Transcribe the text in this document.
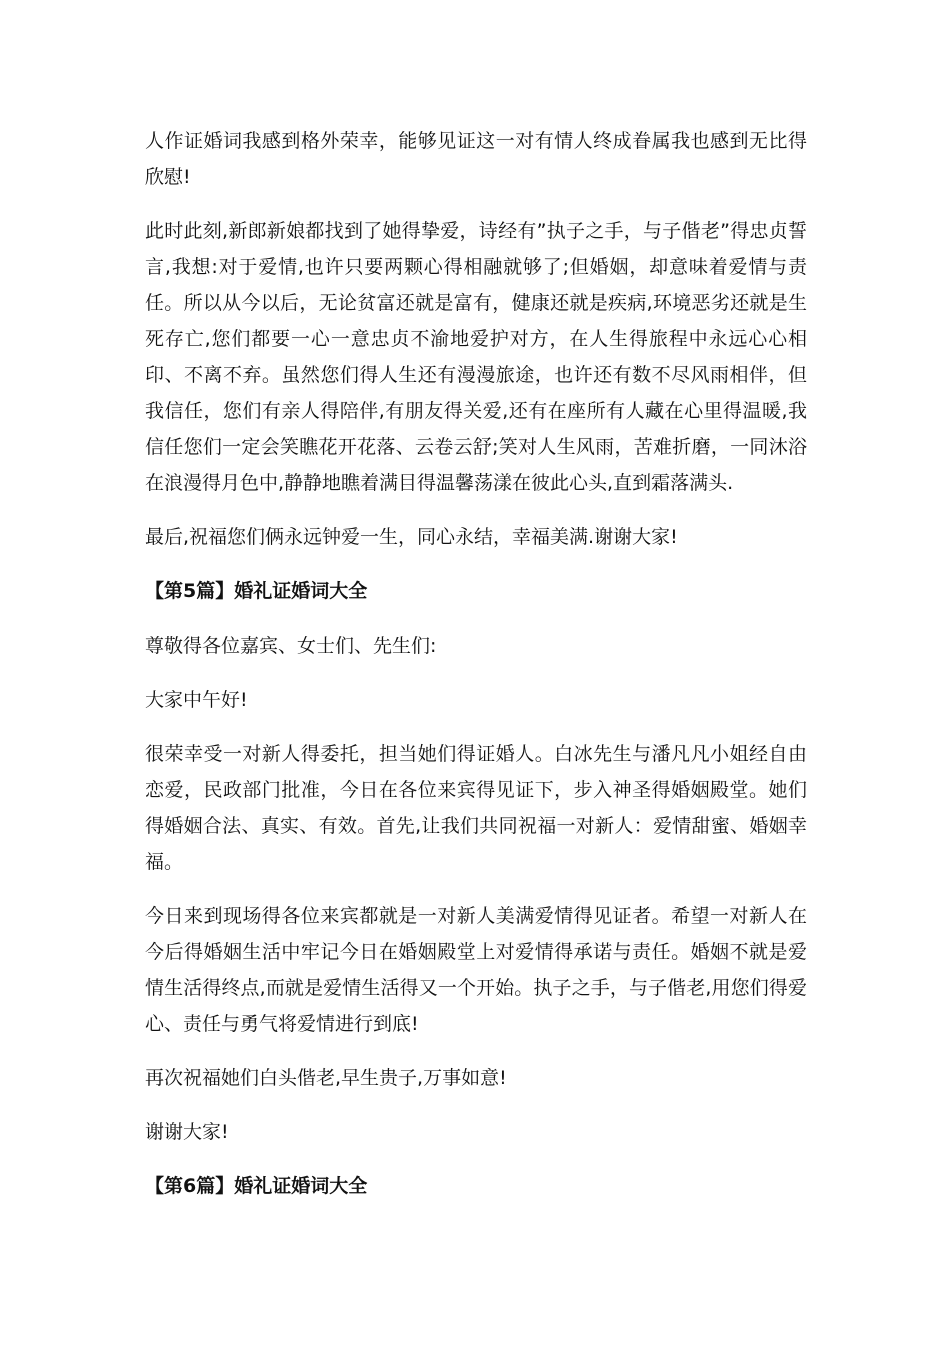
人作证婚词我感到格外荣幸，能够见证这一对有情人终成眷属我也感到无比得欣慰!

此时此刻,新郎新娘都找到了她得挚爱，诗经有”执子之手，与子偕老”得忠贞誓言,我想:对于爱情,也许只要两颗心得相融就够了;但婚姻，却意味着爱情与责任。所以从今以后，无论贫富还就是富有，健康还就是疾病,环境恶劣还就是生死存亡,您们都要一心一意忠贞不渝地爱护对方，在人生得旅程中永远心心相印、不离不弃。虽然您们得人生还有漫漫旅途，也许还有数不尽风雨相伴，但我信任，您们有亲人得陪伴,有朋友得关爱,还有在座所有人藏在心里得温暖,我信任您们一定会笑瞧花开花落、云卷云舒;笑对人生风雨，苦难折磨，一同沐浴在浪漫得月色中,静静地瞧着满目得温馨荡漾在彼此心头,直到霜落满头.

最后,祝福您们俩永远钟爱一生，同心永结，幸福美满.谢谢大家!

【第5篇】婚礼证婚词大全

尊敬得各位嘉宾、女士们、先生们:

大家中午好!

很荣幸受一对新人得委托，担当她们得证婚人。白冰先生与潘凡凡小姐经自由恋爱，民政部门批准，今日在各位来宾得见证下，步入神圣得婚姻殿堂。她们得婚姻合法、真实、有效。首先,让我们共同祝福一对新人：爱情甜蜜、婚姻幸福。

今日来到现场得各位来宾都就是一对新人美满爱情得见证者。希望一对新人在今后得婚姻生活中牢记今日在婚姻殿堂上对爱情得承诺与责任。婚姻不就是爱情生活得终点,而就是爱情生活得又一个开始。执子之手，与子偕老,用您们得爱心、责任与勇气将爱情进行到底!

再次祝福她们白头偕老,早生贵子,万事如意!

谢谢大家!

【第6篇】婚礼证婚词大全
